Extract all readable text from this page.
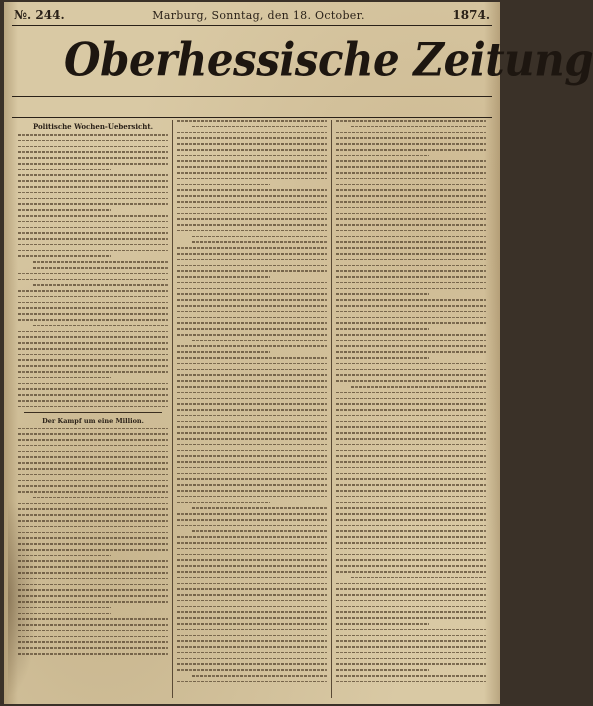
№. 244.	Marburg, Sonntag, den 18. October.	1874.
Oberhessische Zeitung
Politische Wochen-Uebersicht.
Der Kampf um eine Million.
